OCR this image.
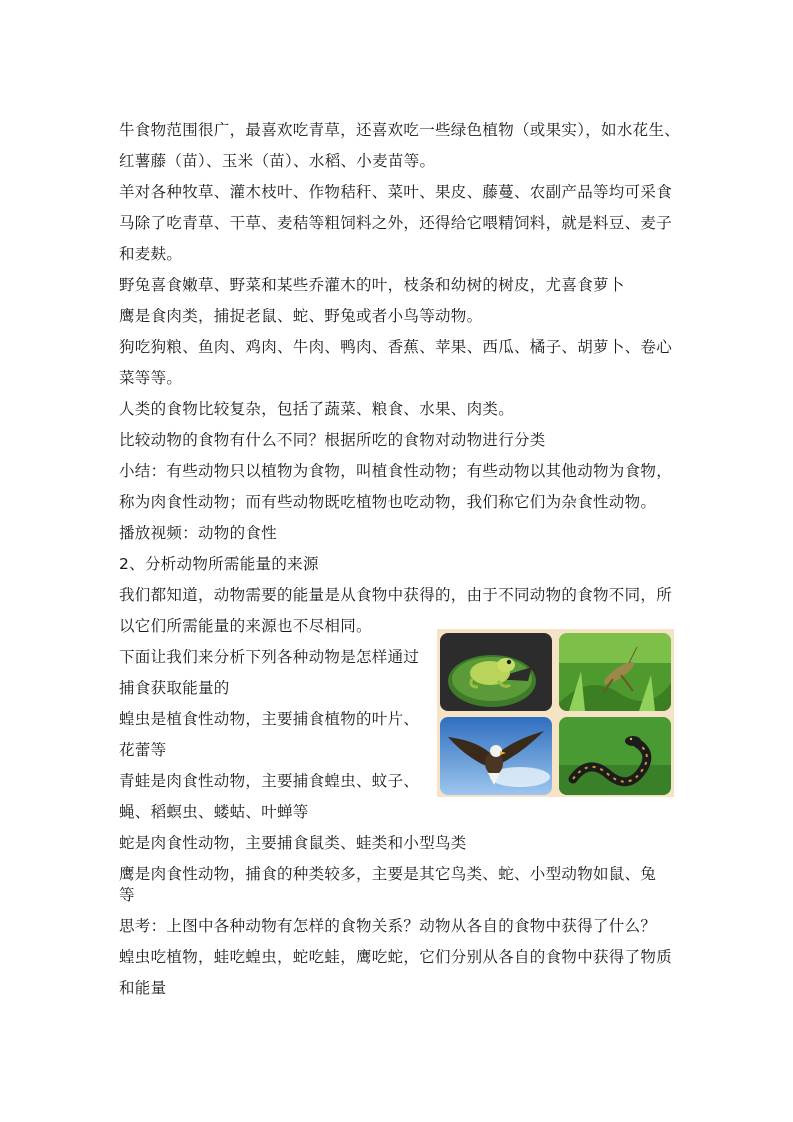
牛食物范围很广，最喜欢吃青草，还喜欢吃一些绿色植物（或果实），如水花生、
红薯藤（苗）、玉米（苗）、水稻、小麦苗等。
羊对各种牧草、灌木枝叶、作物秸秆、菜叶、果皮、藤蔓、农副产品等均可采食
马除了吃青草、干草、麦秸等粗饲料之外，还得给它喂精饲料，就是料豆、麦子
和麦麸。
野兔喜食嫩草、野菜和某些乔灌木的叶，枝条和幼树的树皮，尤喜食萝卜
鹰是食肉类，捕捉老鼠、蛇、野兔或者小鸟等动物。
狗吃狗粮、鱼肉、鸡肉、牛肉、鸭肉、香蕉、苹果、西瓜、橘子、胡萝卜、卷心
菜等等。
人类的食物比较复杂，包括了蔬菜、粮食、水果、肉类。
比较动物的食物有什么不同？根据所吃的食物对动物进行分类
小结：有些动物只以植物为食物，叫植食性动物；有些动物以其他动物为食物，
称为肉食性动物；而有些动物既吃植物也吃动物，我们称它们为杂食性动物。
播放视频：动物的食性
2、分析动物所需能量的来源
我们都知道，动物需要的能量是从食物中获得的，由于不同动物的食物不同，所
以它们所需能量的来源也不尽相同。
下面让我们来分析下列各种动物是怎样通过
捕食获取能量的
蝗虫是植食性动物，主要捕食植物的叶片、
花蕾等
青蛙是肉食性动物，主要捕食蝗虫、蚊子、
蝇、稻螟虫、蝼蛄、叶蝉等
蛇是肉食性动物，主要捕食鼠类、蛙类和小型鸟类
鹰是肉食性动物，捕食的种类较多，主要是其它鸟类、蛇、小型动物如鼠、兔
等
思考：上图中各种动物有怎样的食物关系？动物从各自的食物中获得了什么？
蝗虫吃植物，蛙吃蝗虫，蛇吃蛙，鹰吃蛇，它们分别从各自的食物中获得了物质
和能量
